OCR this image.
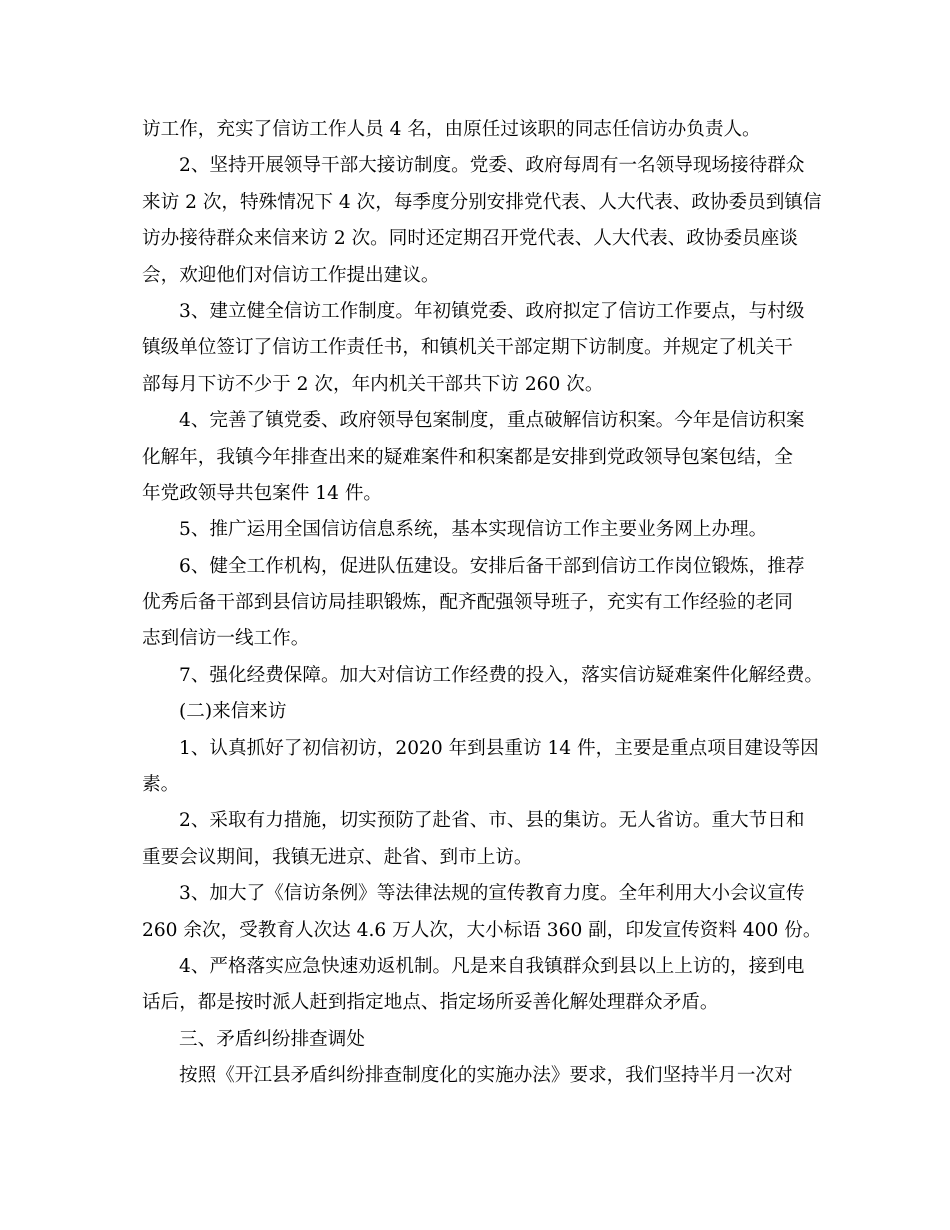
访工作，充实了信访工作人员 4 名，由原任过该职的同志任信访办负责人。
2、坚持开展领导干部大接访制度。党委、政府每周有一名领导现场接待群众
来访 2 次，特殊情况下 4 次，每季度分别安排党代表、人大代表、政协委员到镇信
访办接待群众来信来访 2 次。同时还定期召开党代表、人大代表、政协委员座谈
会，欢迎他们对信访工作提出建议。
3、建立健全信访工作制度。年初镇党委、政府拟定了信访工作要点，与村级
镇级单位签订了信访工作责任书，和镇机关干部定期下访制度。并规定了机关干
部每月下访不少于 2 次，年内机关干部共下访 260 次。
4、完善了镇党委、政府领导包案制度，重点破解信访积案。今年是信访积案
化解年，我镇今年排查出来的疑难案件和积案都是安排到党政领导包案包结，全
年党政领导共包案件 14 件。
5、推广运用全国信访信息系统，基本实现信访工作主要业务网上办理。
6、健全工作机构，促进队伍建设。安排后备干部到信访工作岗位锻炼，推荐
优秀后备干部到县信访局挂职锻炼，配齐配强领导班子，充实有工作经验的老同
志到信访一线工作。
7、强化经费保障。加大对信访工作经费的投入，落实信访疑难案件化解经费。
(二)来信来访
1、认真抓好了初信初访，2020 年到县重访 14 件，主要是重点项目建设等因
素。
2、采取有力措施，切实预防了赴省、市、县的集访。无人省访。重大节日和
重要会议期间，我镇无进京、赴省、到市上访。
3、加大了《信访条例》等法律法规的宣传教育力度。全年利用大小会议宣传
260 余次，受教育人次达 4.6 万人次，大小标语 360 副，印发宣传资料 400 份。
4、严格落实应急快速劝返机制。凡是来自我镇群众到县以上上访的，接到电
话后，都是按时派人赶到指定地点、指定场所妥善化解处理群众矛盾。
三、矛盾纠纷排查调处
按照《开江县矛盾纠纷排查制度化的实施办法》要求，我们坚持半月一次对
